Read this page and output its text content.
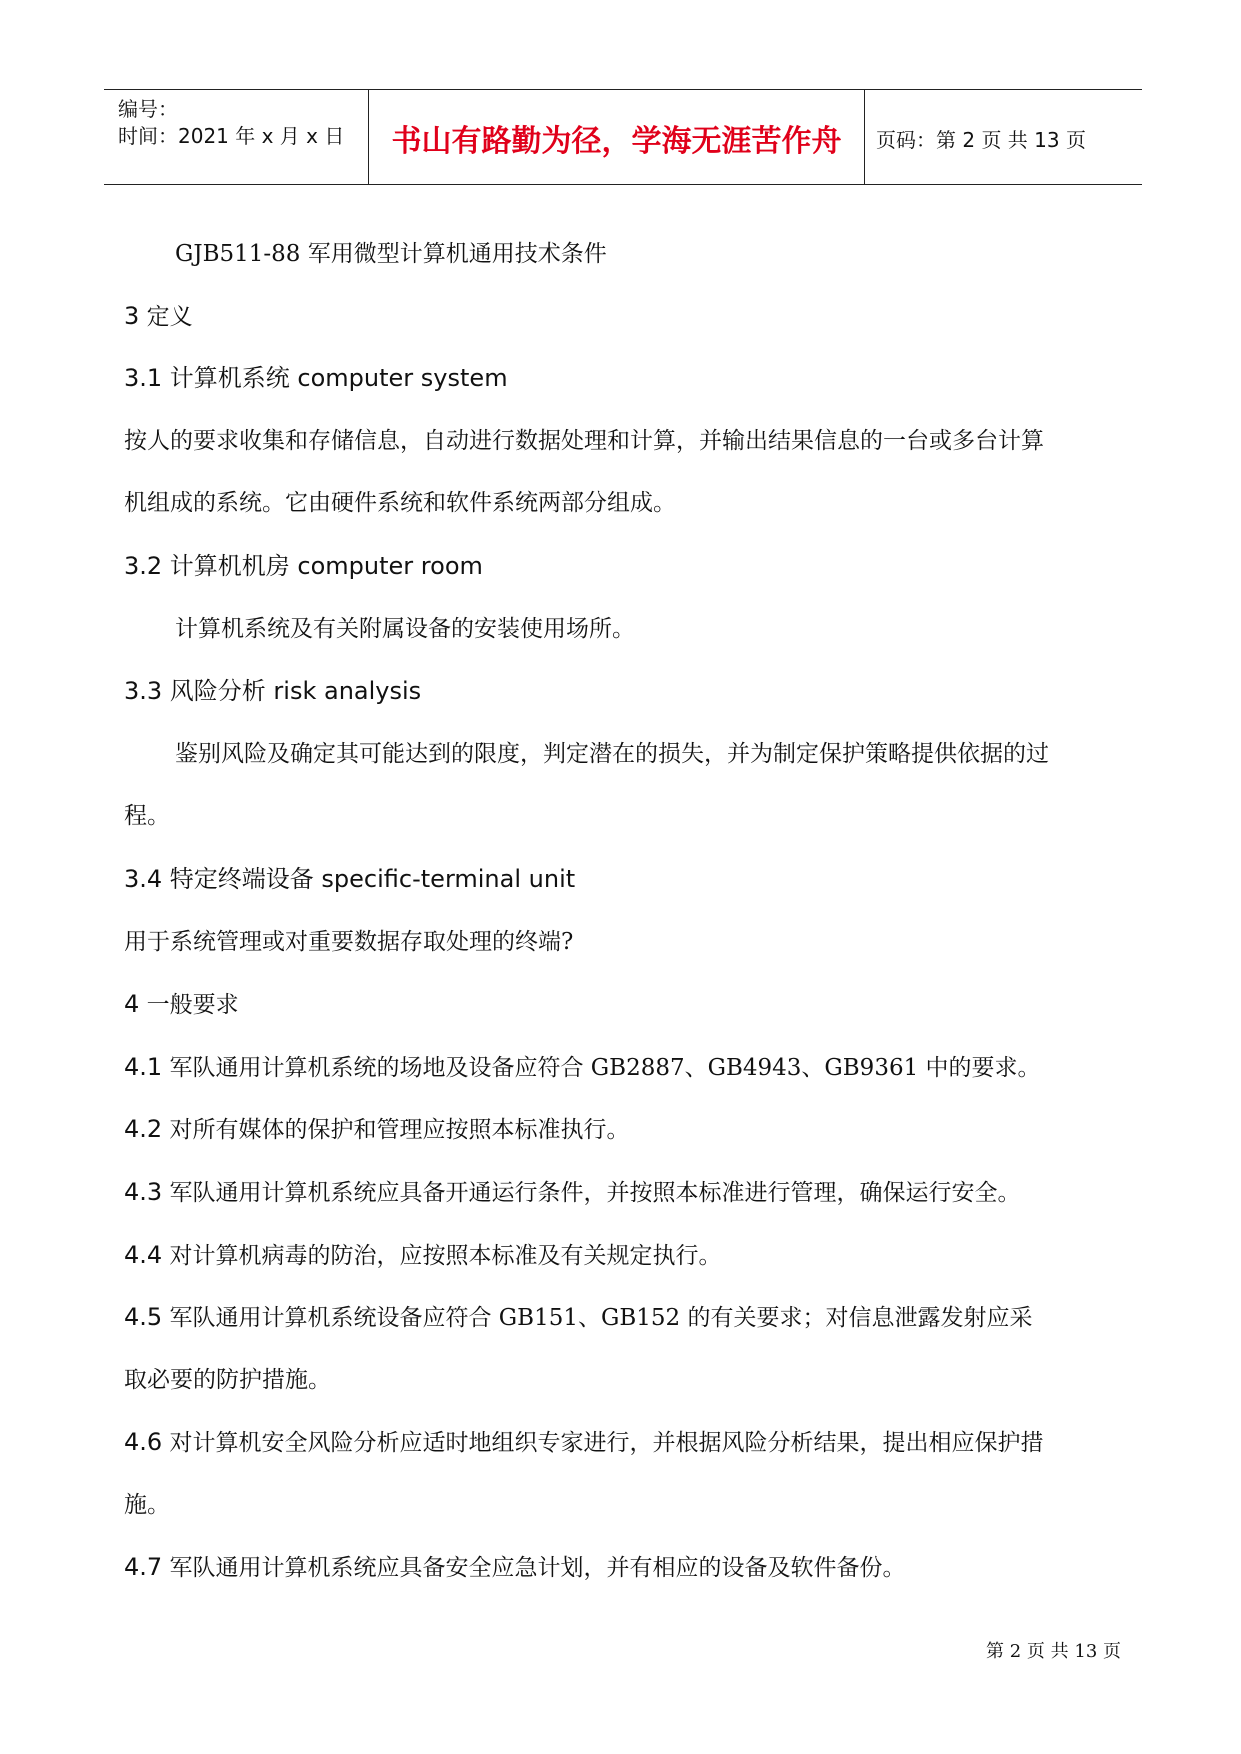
编号：
时间：2021 年 x 月 x 日	书山有路勤为径，学海无涯苦作舟	页码：第 2 页 共 13 页
GJB511-88 军用微型计算机通用技术条件
3 定义
3.1 计算机系统 computer system
按人的要求收集和存储信息，自动进行数据处理和计算，并输出结果信息的一台或多台计算
机组成的系统。它由硬件系统和软件系统两部分组成。
3.2 计算机机房 computer room
计算机系统及有关附属设备的安装使用场所。
3.3 风险分析 risk analysis
鉴别风险及确定其可能达到的限度，判定潜在的损失，并为制定保护策略提供依据的过
程。
3.4 特定终端设备 specific-terminal unit
用于系统管理或对重要数据存取处理的终端?
4 一般要求
4.1 军队通用计算机系统的场地及设备应符合 GB2887、GB4943、GB9361 中的要求。
4.2 对所有媒体的保护和管理应按照本标准执行。
4.3 军队通用计算机系统应具备开通运行条件，并按照本标准进行管理，确保运行安全。
4.4 对计算机病毒的防治，应按照本标准及有关规定执行。
4.5 军队通用计算机系统设备应符合 GB151、GB152 的有关要求；对信息泄露发射应采
取必要的防护措施。
4.6 对计算机安全风险分析应适时地组织专家进行，并根据风险分析结果，提出相应保护措
施。
4.7 军队通用计算机系统应具备安全应急计划，并有相应的设备及软件备份。
第 2 页 共 13 页
